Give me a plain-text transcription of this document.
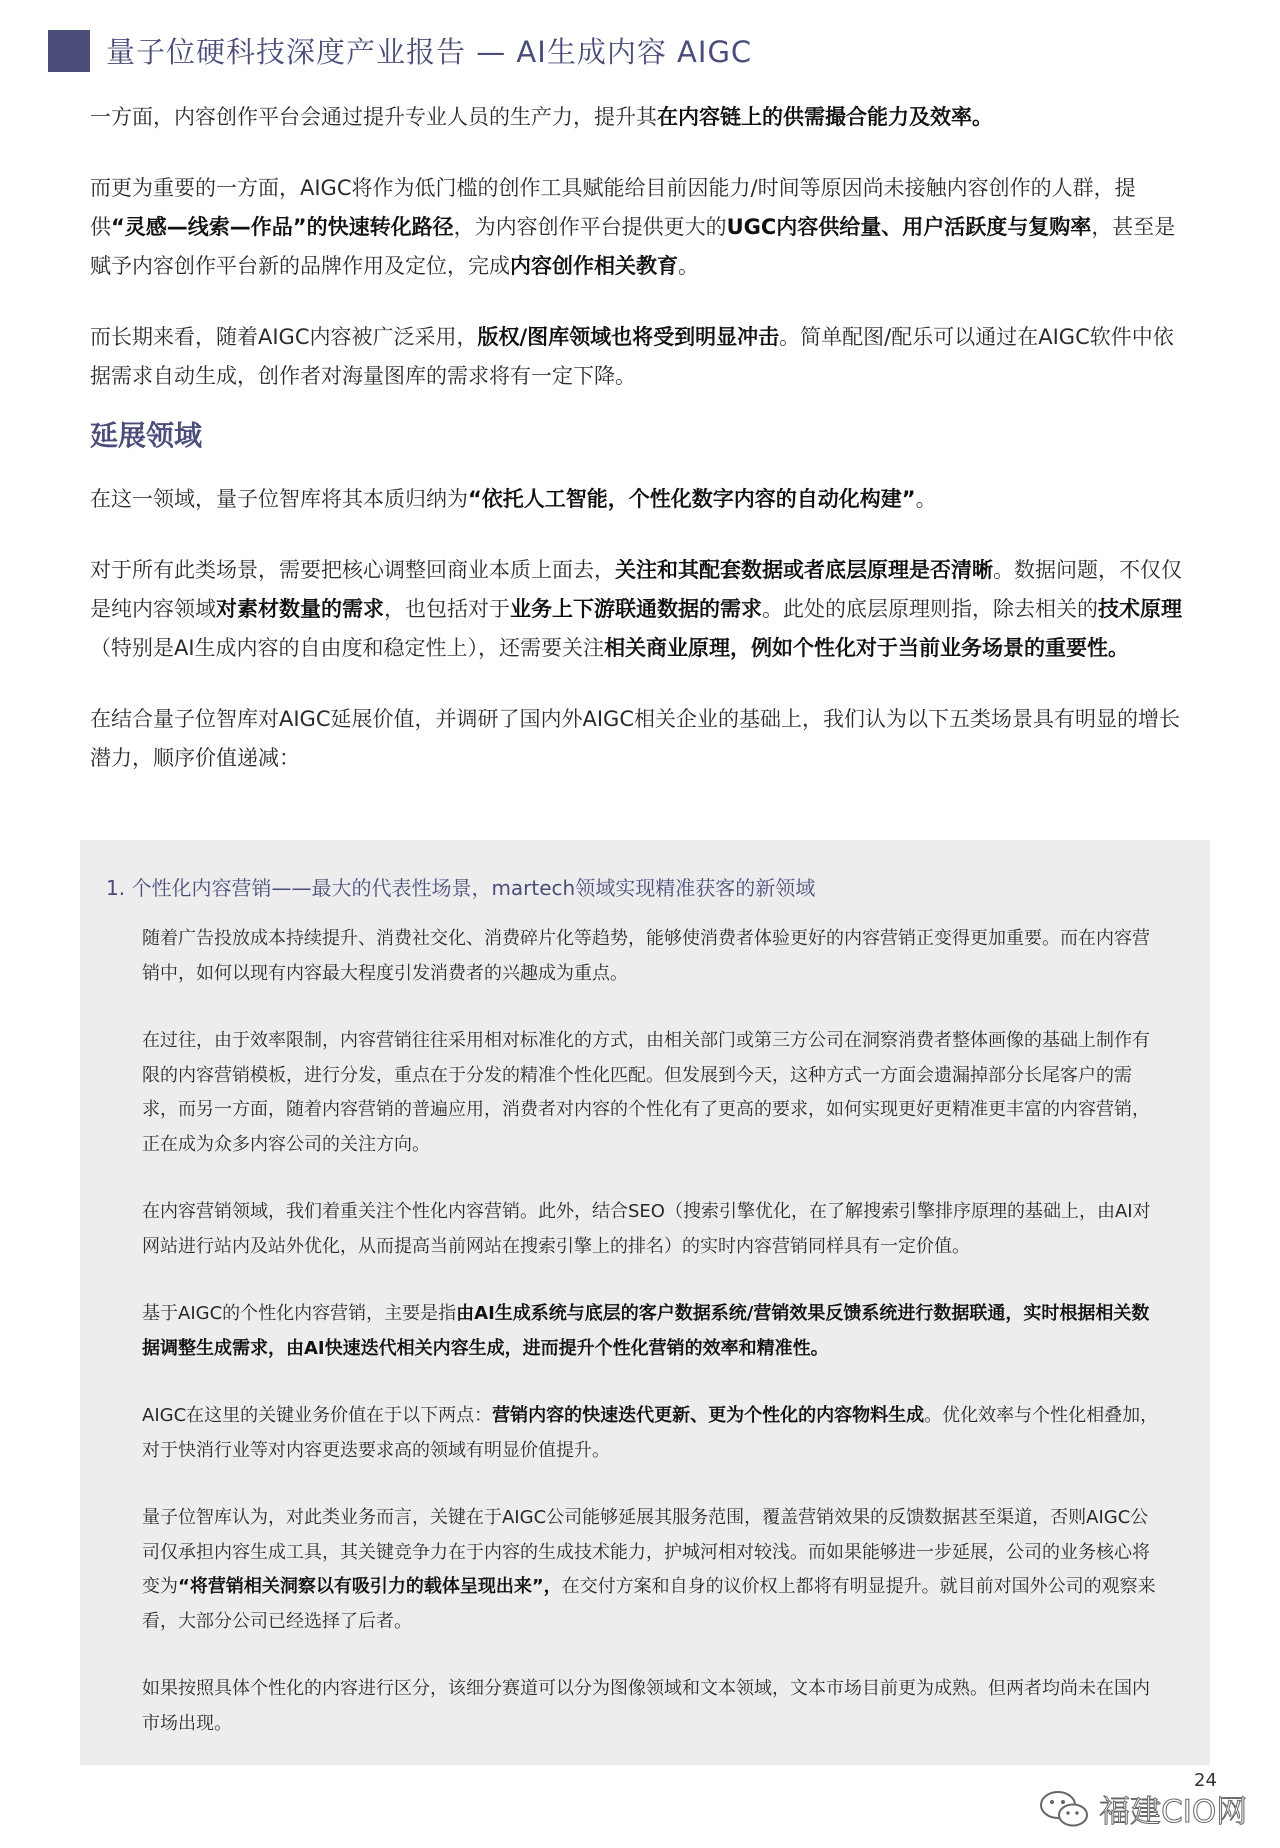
量子位硬科技深度产业报告 — AI生成内容 AIGC

一方面，内容创作平台会通过提升专业人员的生产力，提升其在内容链上的供需撮合能力及效率。

而更为重要的一方面，AIGC将作为低门槛的创作工具赋能给目前因能力/时间等原因尚未接触内容创作的人群，提供“灵感—线索—作品”的快速转化路径，为内容创作平台提供更大的UGC内容供给量、用户活跃度与复购率，甚至是赋予内容创作平台新的品牌作用及定位，完成内容创作相关教育。

而长期来看，随着AIGC内容被广泛采用，版权/图库领域也将受到明显冲击。简单配图/配乐可以通过在AIGC软件中依据需求自动生成，创作者对海量图库的需求将有一定下降。

延展领域

在这一领域，量子位智库将其本质归纳为“依托人工智能，个性化数字内容的自动化构建”。

对于所有此类场景，需要把核心调整回商业本质上面去，关注和其配套数据或者底层原理是否清晰。数据问题，不仅仅是纯内容领域对素材数量的需求，也包括对于业务上下游联通数据的需求。此处的底层原理则指，除去相关的技术原理（特别是AI生成内容的自由度和稳定性上），还需要关注相关商业原理，例如个性化对于当前业务场景的重要性。

在结合量子位智库对AIGC延展价值，并调研了国内外AIGC相关企业的基础上，我们认为以下五类场景具有明显的增长潜力，顺序价值递减：

1. 个性化内容营销——最大的代表性场景，martech领域实现精准获客的新领域

随着广告投放成本持续提升、消费社交化、消费碎片化等趋势，能够使消费者体验更好的内容营销正变得更加重要。而在内容营销中，如何以现有内容最大程度引发消费者的兴趣成为重点。

在过往，由于效率限制，内容营销往往采用相对标准化的方式，由相关部门或第三方公司在洞察消费者整体画像的基础上制作有限的内容营销模板，进行分发，重点在于分发的精准个性化匹配。但发展到今天，这种方式一方面会遗漏掉部分长尾客户的需求，而另一方面，随着内容营销的普遍应用，消费者对内容的个性化有了更高的要求，如何实现更好更精准更丰富的内容营销，正在成为众多内容公司的关注方向。

在内容营销领域，我们着重关注个性化内容营销。此外，结合SEO（搜索引擎优化，在了解搜索引擎排序原理的基础上，由AI对网站进行站内及站外优化，从而提高当前网站在搜索引擎上的排名）的实时内容营销同样具有一定价值。

基于AIGC的个性化内容营销，主要是指由AI生成系统与底层的客户数据系统/营销效果反馈系统进行数据联通，实时根据相关数据调整生成需求，由AI快速迭代相关内容生成，进而提升个性化营销的效率和精准性。

AIGC在这里的关键业务价值在于以下两点：营销内容的快速迭代更新、更为个性化的内容物料生成。优化效率与个性化相叠加，对于快消行业等对内容更迭要求高的领域有明显价值提升。

量子位智库认为，对此类业务而言，关键在于AIGC公司能够延展其服务范围，覆盖营销效果的反馈数据甚至渠道，否则AIGC公司仅承担内容生成工具，其关键竞争力在于内容的生成技术能力，护城河相对较浅。而如果能够进一步延展，公司的业务核心将变为“将营销相关洞察以有吸引力的载体呈现出来”，在交付方案和自身的议价权上都将有明显提升。就目前对国外公司的观察来看，大部分公司已经选择了后者。

如果按照具体个性化的内容进行区分，该细分赛道可以分为图像领域和文本领域，文本市场目前更为成熟。但两者均尚未在国内市场出现。

24
福建CIO网
